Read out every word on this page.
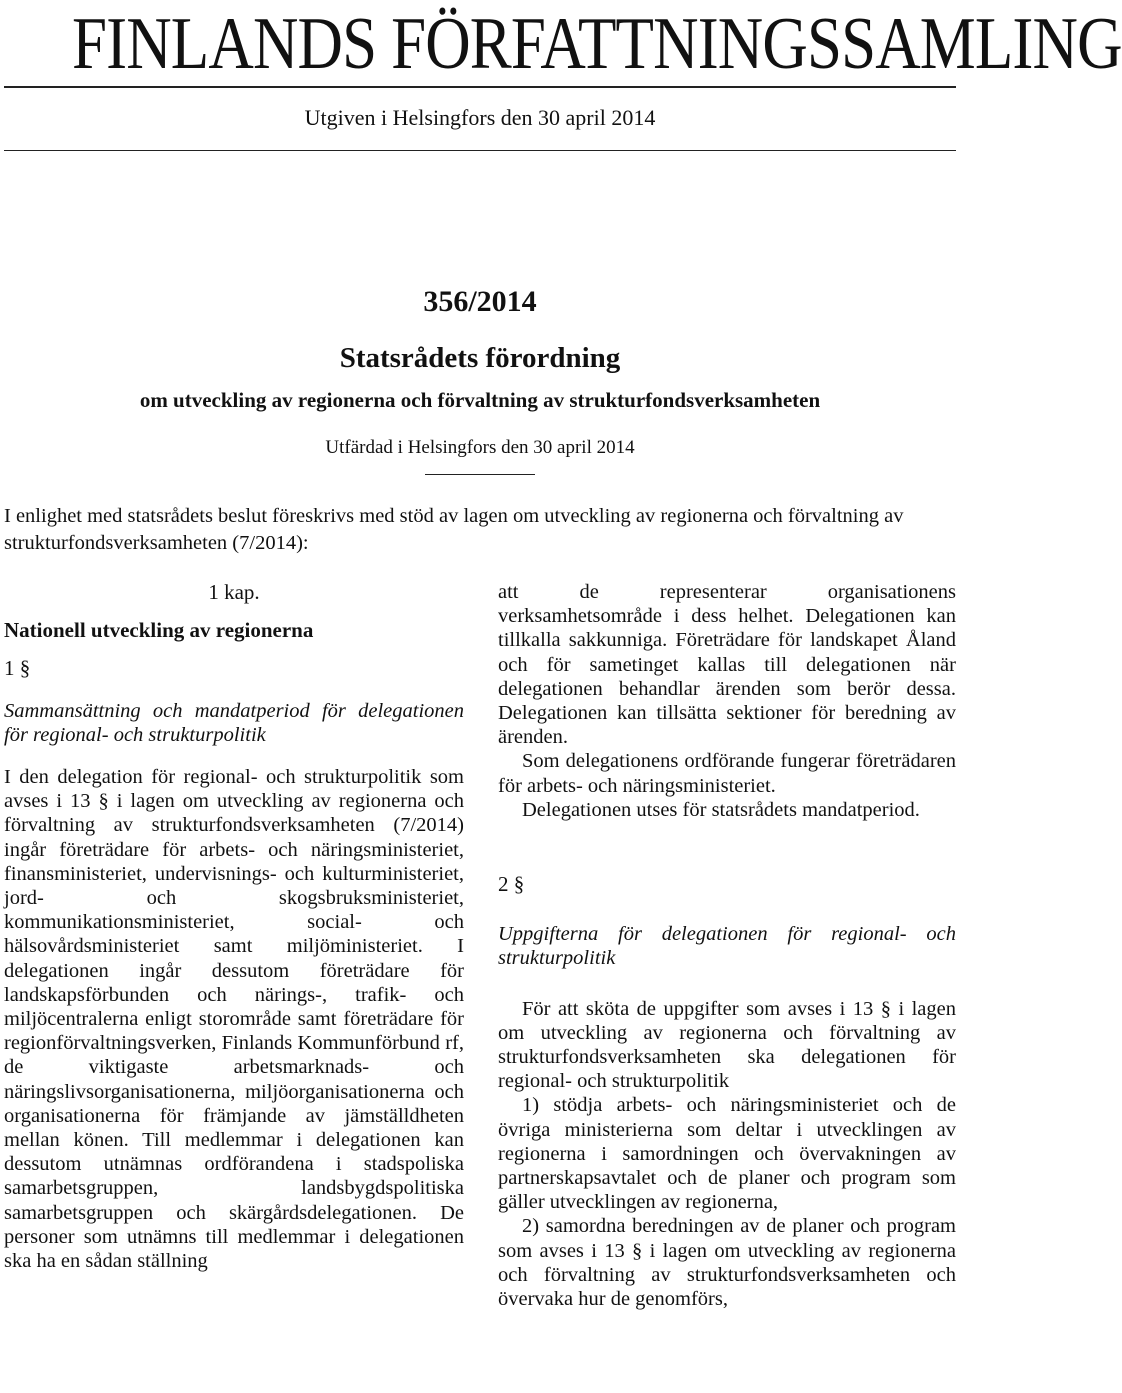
FINLANDS FÖRFATTNINGSSAMLING
Utgiven i Helsingfors den 30 april 2014
356/2014
Statsrådets förordning
om utveckling av regionerna och förvaltning av strukturfondsverksamheten
Utfärdad i Helsingfors den 30 april 2014
I enlighet med statsrådets beslut föreskrivs med stöd av lagen om utveckling av regionerna och förvaltning av strukturfondsverksamheten (7/2014):

1 kap.

Nationell utveckling av regionerna

1 §

Sammansättning och mandatperiod för delegationen för regional- och strukturpolitik

I den delegation för regional- och strukturpolitik som avses i 13 § i lagen om utveckling av regionerna och förvaltning av strukturfondsverksamheten (7/2014) ingår företrädare för arbets- och näringsministeriet, finansministeriet, undervisnings- och kulturministeriet, jord- och skogsbruksministeriet, kommunikationsministeriet, social- och hälsovårdsministeriet samt miljöministeriet. I delegationen ingår dessutom företrädare för landskapsförbunden och närings-, trafik- och miljöcentralerna enligt storområde samt företrädare för regionförvaltningsverken, Finlands Kommunförbund rf, de viktigaste arbetsmarknads- och näringslivsorganisationerna, miljöorganisationerna och organisationerna för främjande av jämställdheten mellan könen. Till medlemmar i delegationen kan dessutom utnämnas ordförandena i stadspoliska samarbetsgruppen, landsbygdspolitiska samarbetsgruppen och skärgårdsdelegationen. De personer som utnämns till medlemmar i delegationen ska ha en sådan ställning

att de representerar organisationens verksamhetsområde i dess helhet. Delegationen kan tillkalla sakkunniga. Företrädare för landskapet Åland och för sametinget kallas till delegationen när delegationen behandlar ärenden som berör dessa. Delegationen kan tillsätta sektioner för beredning av ärenden.

Som delegationens ordförande fungerar företrädaren för arbets- och näringsministeriet.

Delegationen utses för statsrådets mandatperiod.

2 §

Uppgifterna för delegationen för regional- och strukturpolitik

För att sköta de uppgifter som avses i 13 § i lagen om utveckling av regionerna och förvaltning av strukturfondsverksamheten ska delegationen för regional- och strukturpolitik

1) stödja arbets- och näringsministeriet och de övriga ministerierna som deltar i utvecklingen av regionerna i samordningen och övervakningen av partnerskapsavtalet och de planer och program som gäller utvecklingen av regionerna,

2) samordna beredningen av de planer och program som avses i 13 § i lagen om utveckling av regionerna och förvaltning av strukturfondsverksamheten och övervaka hur de genomförs,
